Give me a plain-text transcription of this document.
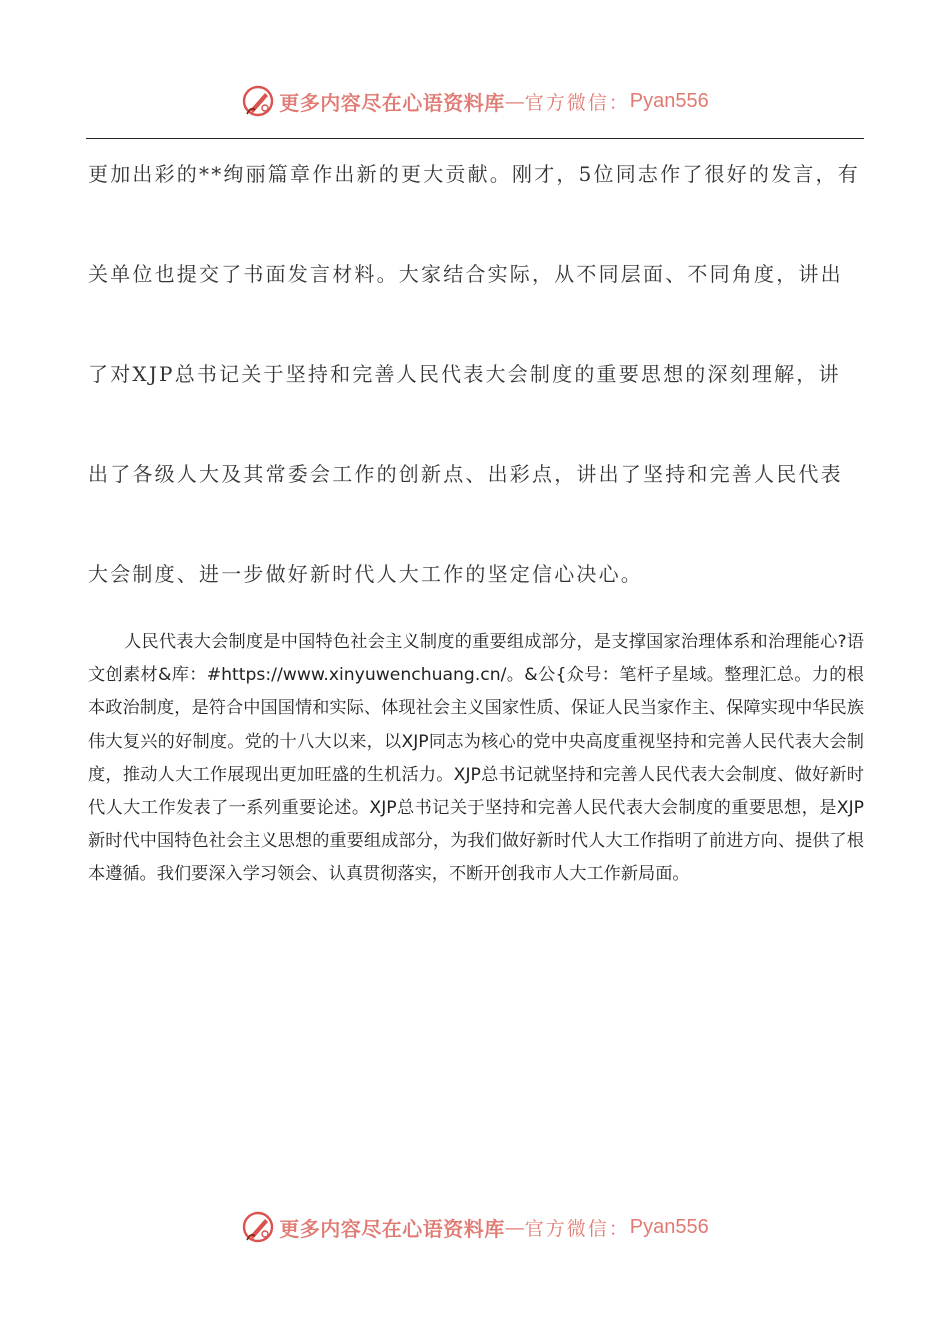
更多内容尽在心语资料库 — 官方微信： Pyan556
更加出彩的**绚丽篇章作出新的更大贡献。刚才，5位同志作了很好的发言，有
关单位也提交了书面发言材料。大家结合实际，从不同层面、不同角度，讲出
了对XJP总书记关于坚持和完善人民代表大会制度的重要思想的深刻理解，讲
出了各级人大及其常委会工作的创新点、出彩点，讲出了坚持和完善人民代表
大会制度、进一步做好新时代人大工作的坚定信心决心。

人民代表大会制度是中国特色社会主义制度的重要组成部分，是支撑国家治理体系和治理能心?语文创素材&库：#https://www.xinyuwenchuang.cn/。&公{众号：笔杆子星域。整理汇总。力的根本政治制度，是符合中国国情和实际、体现社会主义国家性质、保证人民当家作主、保障实现中华民族伟大复兴的好制度。党的十八大以来，以XJP同志为核心的党中央高度重视坚持和完善人民代表大会制度，推动人大工作展现出更加旺盛的生机活力。XJP总书记就坚持和完善人民代表大会制度、做好新时代人大工作发表了一系列重要论述。XJP总书记关于坚持和完善人民代表大会制度的重要思想，是XJP新时代中国特色社会主义思想的重要组成部分，为我们做好新时代人大工作指明了前进方向、提供了根本遵循。我们要深入学习领会、认真贯彻落实，不断开创我市人大工作新局面。

更多内容尽在心语资料库 — 官方微信： Pyan556
